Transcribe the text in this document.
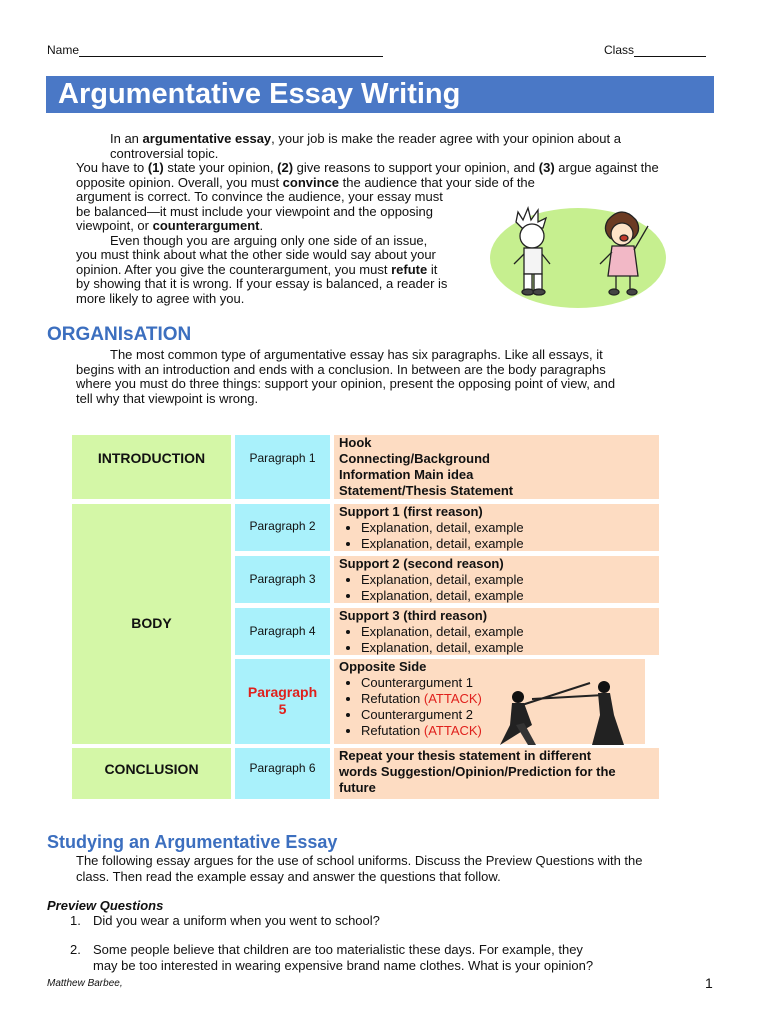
Name	Class
Argumentative Essay Writing
In an argumentative essay, your job is make the reader agree with your opinion about a
controversial topic.
You have to (1) state your opinion, (2) give reasons to support your opinion, and (3) argue against the
opposite opinion. Overall, you must convince the audience that your side of the
argument is correct. To convince the audience, your essay must
be balanced—it must include your viewpoint and the opposing
viewpoint, or counterargument.
Even though you are arguing only one side of an issue,
you must think about what the other side would say about your
opinion. After you give the counterargument, you must refute it
by showing that it is wrong. If your essay is balanced, a reader is
more likely to agree with you.
ORGANIsATION
The most common type of argumentative essay has six paragraphs. Like all essays, it
begins with an introduction and ends with a conclusion. In between are the body paragraphs
where you must do three things: support your opinion, present the opposing point of view, and
tell why that viewpoint is wrong.
INTRODUCTION
BODY
CONCLUSION
Paragraph 1
Paragraph 2
Paragraph 3
Paragraph 4
Paragraph
5
Paragraph 6
Hook
Connecting/Background
Information Main idea
Statement/Thesis Statement
Support 1 (first reason)
• Explanation, detail, example
• Explanation, detail, example
Support 2 (second reason)
• Explanation, detail, example
• Explanation, detail, example
Support 3 (third reason)
• Explanation, detail, example
• Explanation, detail, example
Opposite Side
• Counterargument 1
• Refutation (ATTACK)
• Counterargument 2
• Refutation (ATTACK)
Repeat your thesis statement in different
words Suggestion/Opinion/Prediction for the
future
Studying an Argumentative Essay
The following essay argues for the use of school uniforms. Discuss the Preview Questions with the
class. Then read the example essay and answer the questions that follow.
Preview Questions
1. Did you wear a uniform when you went to school?
2. Some people believe that children are too materialistic these days. For example, they
may be too interested in wearing expensive brand name clothes. What is your opinion?
Matthew Barbee,	1
